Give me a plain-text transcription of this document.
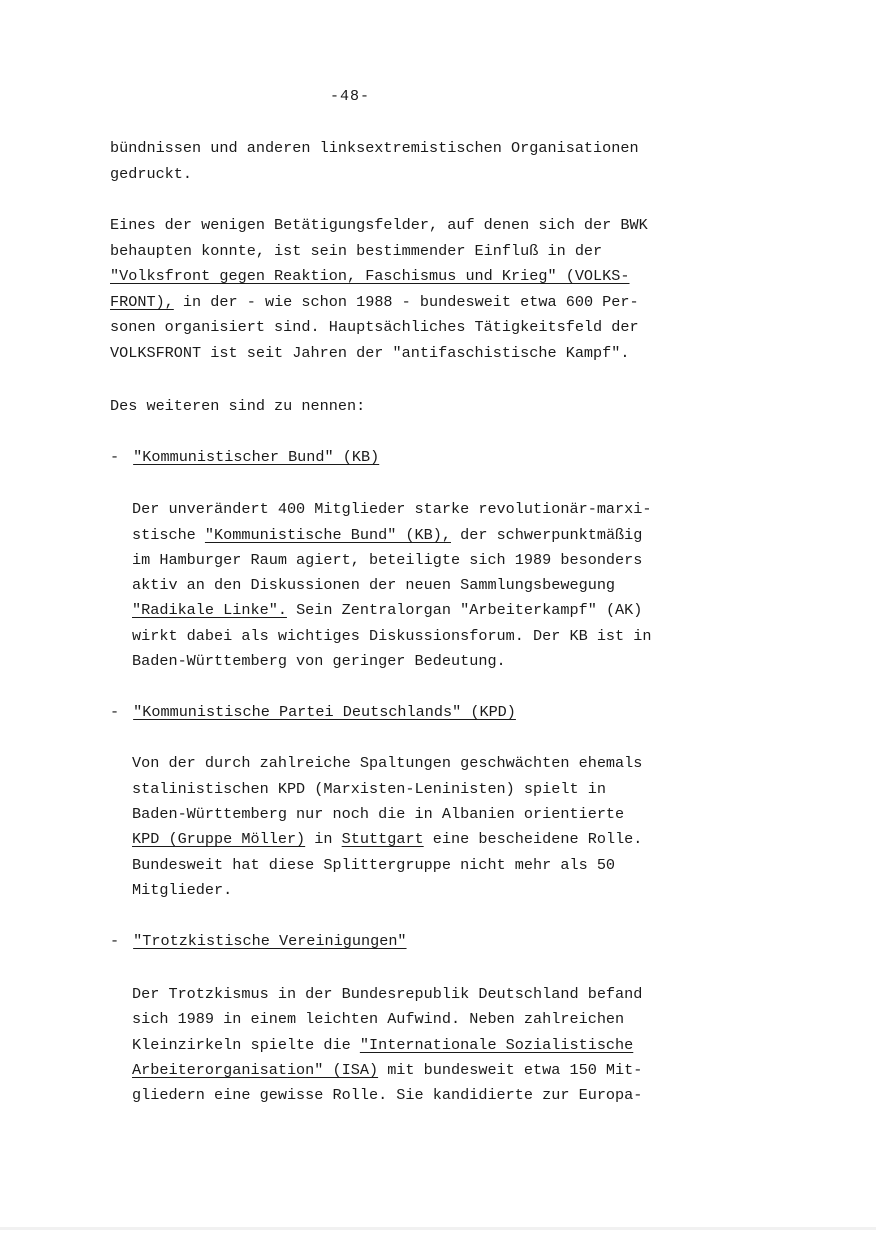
-48-
bündnissen und anderen linksextremistischen Organisationen
gedruckt.
Eines der wenigen Betätigungsfelder, auf denen sich der BWK
behaupten konnte, ist sein bestimmender Einfluß in der
"Volksfront gegen Reaktion, Faschismus und Krieg" (VOLKS-
FRONT), in der - wie schon 1988 - bundesweit etwa 600 Per-
sonen organisiert sind. Hauptsächliches Tätigkeitsfeld der
VOLKSFRONT ist seit Jahren der "antifaschistische Kampf".
Des weiteren sind zu nennen:
- "Kommunistischer Bund" (KB)
Der unverändert 400 Mitglieder starke revolutionär-marxi-
stische "Kommunistische Bund" (KB), der schwerpunktmäßig
im Hamburger Raum agiert, beteiligte sich 1989 besonders
aktiv an den Diskussionen der neuen Sammlungsbewegung
"Radikale Linke". Sein Zentralorgan "Arbeiterkampf" (AK)
wirkt dabei als wichtiges Diskussionsforum. Der KB ist in
Baden-Württemberg von geringer Bedeutung.
- "Kommunistische Partei Deutschlands" (KPD)
Von der durch zahlreiche Spaltungen geschwächten ehemals
stalinistischen KPD (Marxisten-Leninisten) spielt in
Baden-Württemberg nur noch die in Albanien orientierte
KPD (Gruppe Möller) in Stuttgart eine bescheidene Rolle.
Bundesweit hat diese Splittergruppe nicht mehr als 50
Mitglieder.
- "Trotzkistische Vereinigungen"
Der Trotzkismus in der Bundesrepublik Deutschland befand
sich 1989 in einem leichten Aufwind. Neben zahlreichen
Kleinzirkeln spielte die "Internationale Sozialistische
Arbeiterorganisation" (ISA) mit bundesweit etwa 150 Mit-
gliedern eine gewisse Rolle. Sie kandidierte zur Europa-
